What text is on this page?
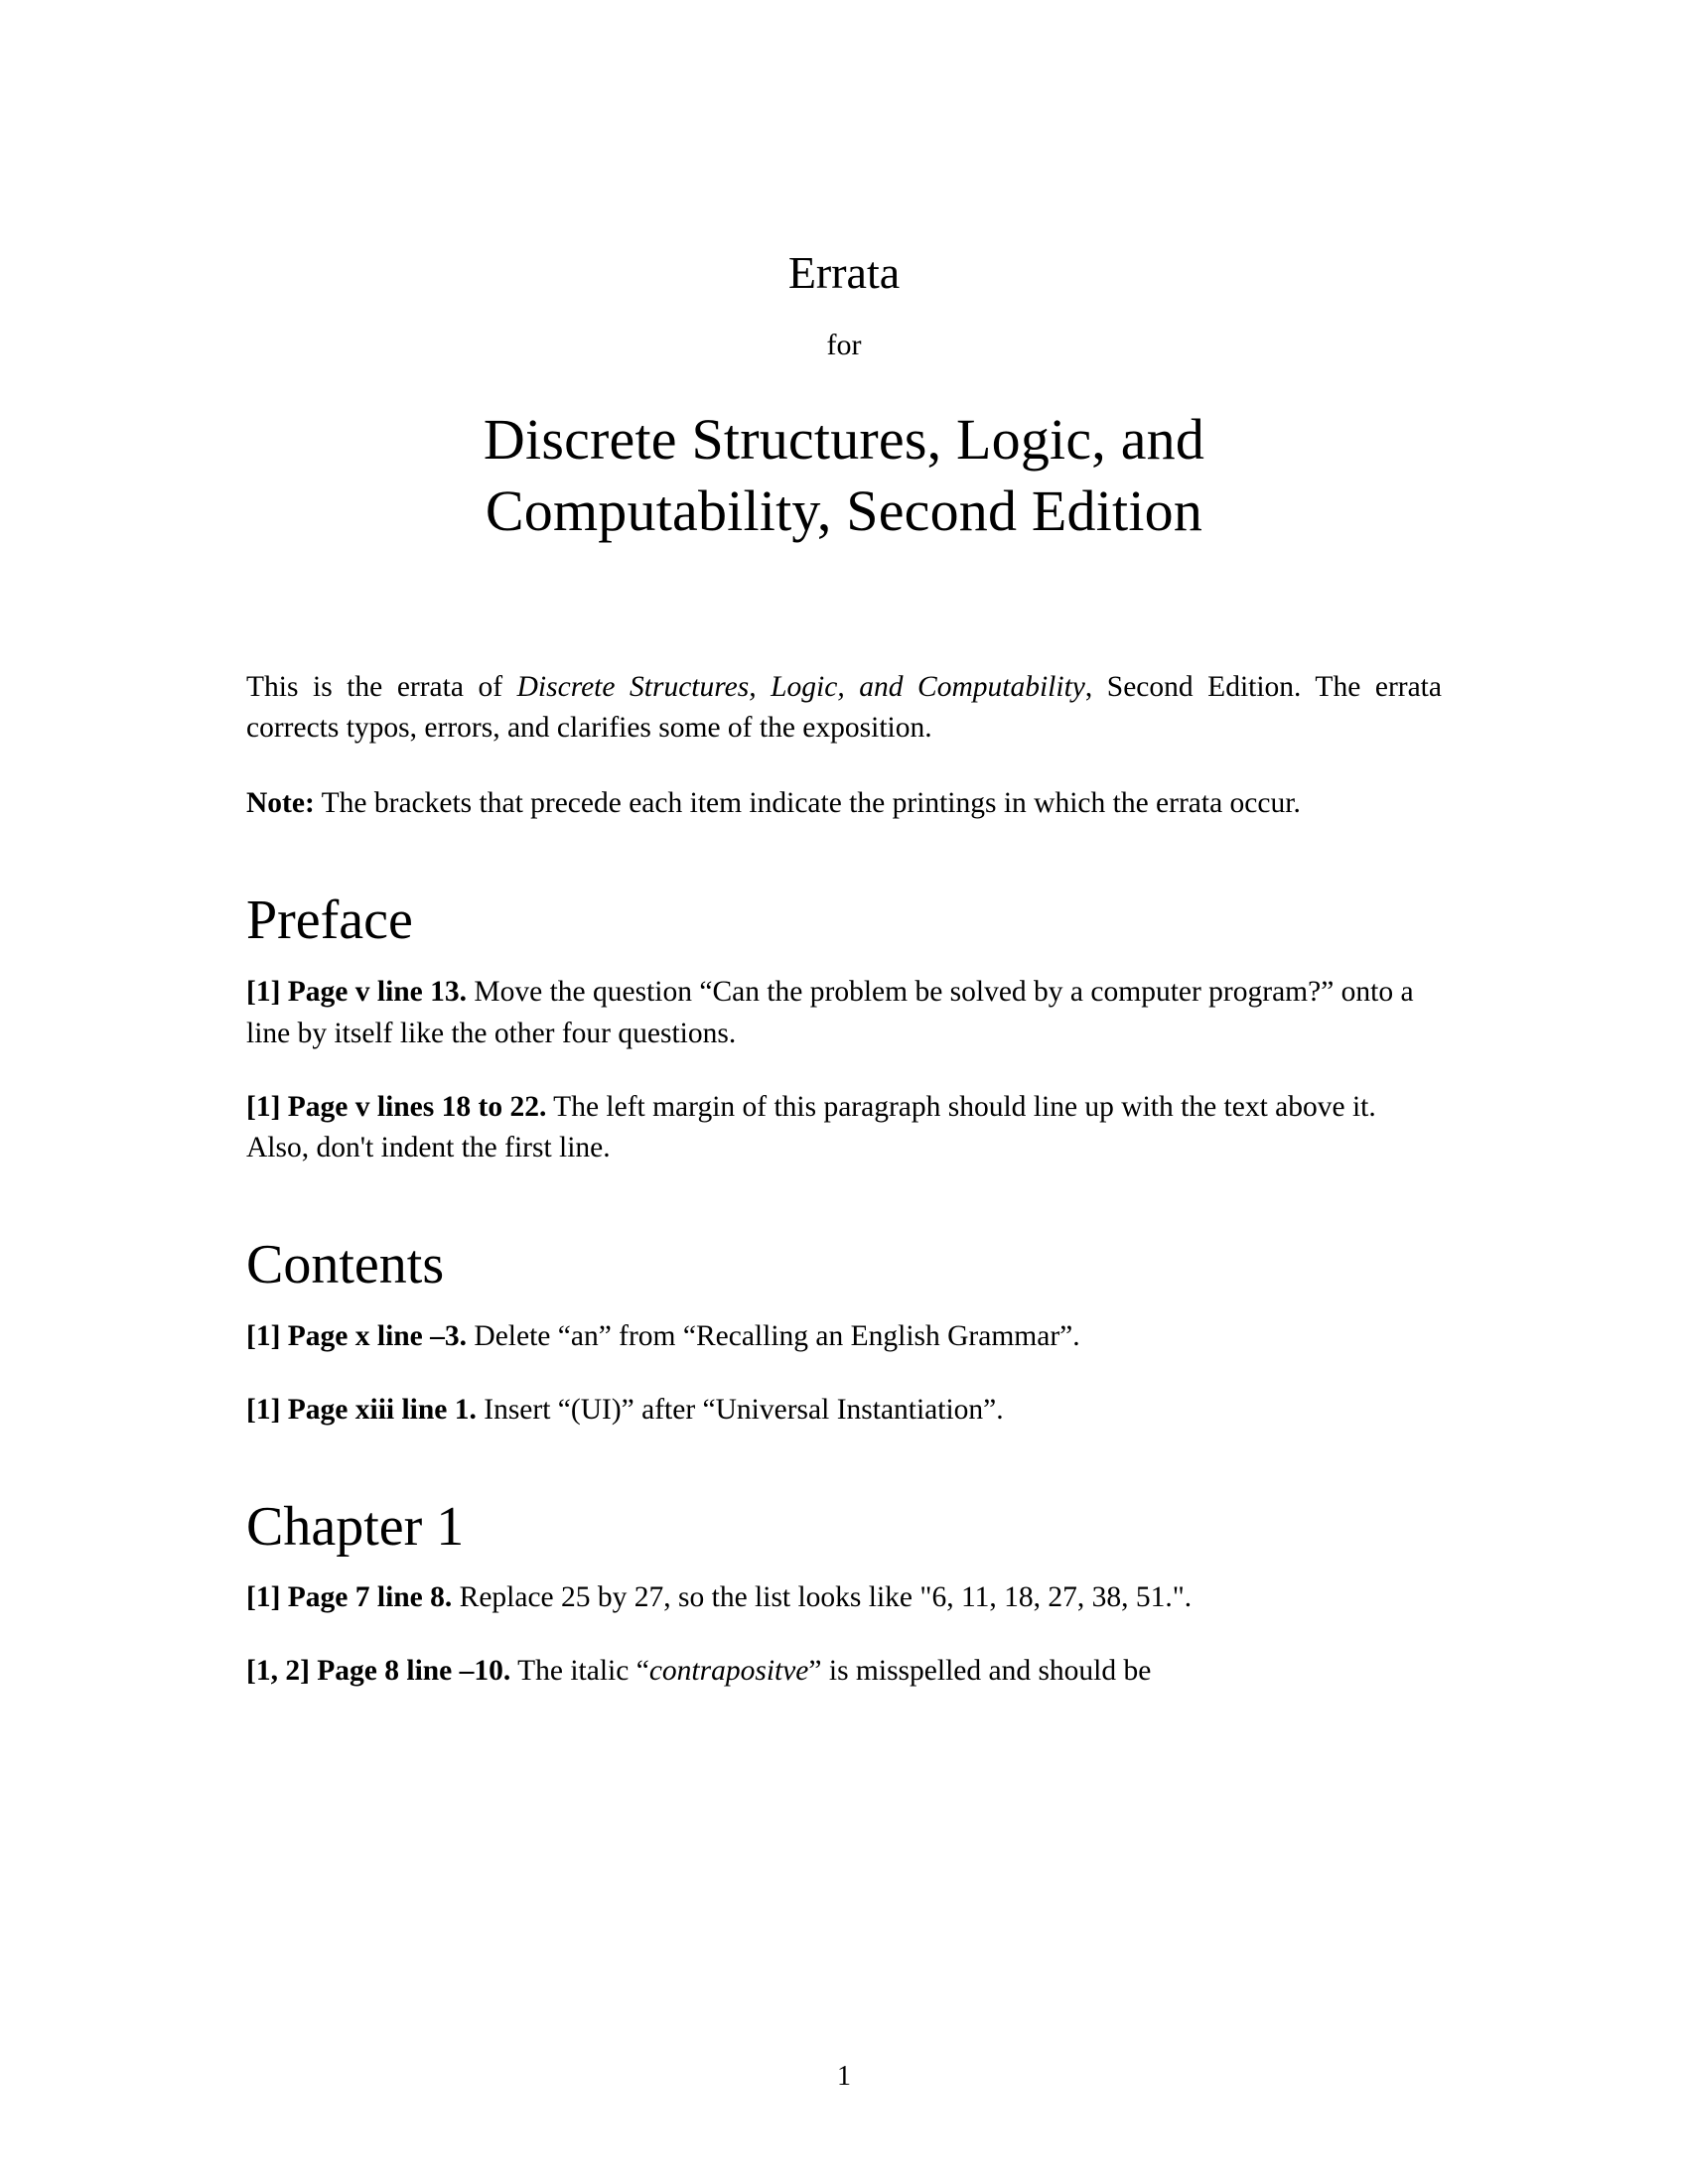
Errata

for

Discrete Structures, Logic, and
Computability, Second Edition

This is the errata of Discrete Structures, Logic, and Computability, Second Edition. The errata corrects typos, errors, and clarifies some of the exposition.

Note: The brackets that precede each item indicate the printings in which the errata occur.

Preface

[1] Page v line 13. Move the question “Can the problem be solved by a computer program?” onto a line by itself like the other four questions.

[1] Page v lines 18 to 22. The left margin of this paragraph should line up with the text above it. Also, don't indent the first line.

Contents

[1] Page x line –3. Delete “an” from “Recalling an English Grammar”.

[1] Page xiii line 1. Insert “(UI)” after “Universal Instantiation”.

Chapter 1

[1] Page 7 line 8. Replace 25 by 27, so the list looks like "6, 11, 18, 27, 38, 51.".

[1, 2] Page 8 line –10. The italic “contrapositve” is misspelled and should be

1
